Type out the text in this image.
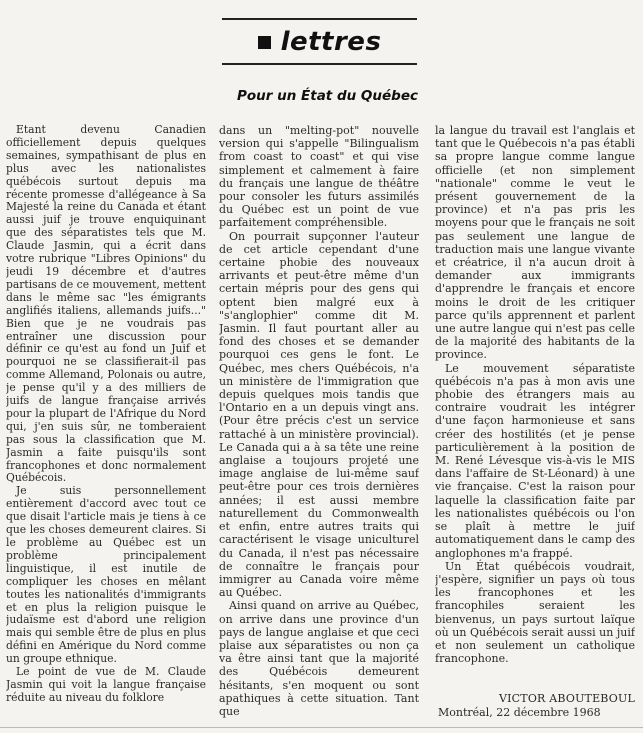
lettres
Pour un État du Québec

Etant devenu Canadien officiellement depuis quelques semaines, sympathisant de plus en plus avec les nationalistes québécois surtout depuis ma récente promesse d'allégeance à Sa Majesté la reine du Canada et étant aussi juif je trouve enquiquinant que des séparatistes tels que M. Claude Jasmin, qui a écrit dans votre rubrique "Libres Opinions" du jeudi 19 décembre et d'autres partisans de ce mouvement, mettent dans le même sac "les émigrants anglifiés italiens, allemands juifs..." Bien que je ne voudrais pas entraîner une discussion pour définir ce qu'est au fond un Juif et pourquoi ne se classifierait-il pas comme Allemand, Polonais ou autre, je pense qu'il y a des milliers de juifs de langue française arrivés pour la plupart de l'Afrique du Nord qui, j'en suis sûr, ne tomberaient pas sous la classification que M. Jasmin a faite puisqu'ils sont francophones et donc normalement Québécois.

Je suis personnellement entièrement d'accord avec tout ce que disait l'article mais je tiens à ce que les choses demeurent claires. Si le problème au Québec est un problème principalement linguistique, il est inutile de compliquer les choses en mêlant toutes les nationalités d'immigrants et en plus la religion puisque le judaïsme est d'abord une religion mais qui semble être de plus en plus défini en Amérique du Nord comme un groupe ethnique.

Le point de vue de M. Claude Jasmin qui voit la langue française réduite au niveau du folklore

dans un "melting-pot" nouvelle version qui s'appelle "Bilingualism from coast to coast" et qui vise simplement et calmement à faire du français une langue de théâtre pour consoler les futurs assimilés du Québec est un point de vue parfaitement compréhensible.

On pourrait supçonner l'auteur de cet article cependant d'une certaine phobie des nouveaux arrivants et peut-être même d'un certain mépris pour des gens qui optent bien malgré eux à "s'anglophier" comme dit M. Jasmin. Il faut pourtant aller au fond des choses et se demander pourquoi ces gens le font. Le Québec, mes chers Québécois, n'a un ministère de l'immigration que depuis quelques mois tandis que l'Ontario en a un depuis vingt ans. (Pour être précis c'est un service rattaché à un ministère provincial). Le Canada qui a à sa tête une reine anglaise a toujours projeté une image anglaise de lui-même sauf peut-être pour ces trois dernières années; il est aussi membre naturellement du Commonwealth et enfin, entre autres traits qui caractérisent le visage uniculturel du Canada, il n'est pas nécessaire de connaître le français pour immigrer au Canada voire même au Québec.

Ainsi quand on arrive au Québec, on arrive dans une province d'un pays de langue anglaise et que ceci plaise aux séparatistes ou non ça va être ainsi tant que la majorité des Québécois demeurent hésitants, s'en moquent ou sont apathiques à cette situation. Tant que

la langue du travail est l'anglais et tant que le Québecois n'a pas établi sa propre langue comme langue officielle (et non simplement "nationale" comme le veut le présent gouvernement de la province) et n'a pas pris les moyens pour que le français ne soit pas seulement une langue de traduction mais une langue vivante et créatrice, il n'a aucun droit à demander aux immigrants d'apprendre le français et encore moins le droit de les critiquer parce qu'ils apprennent et parlent une autre langue qui n'est pas celle de la majorité des habitants de la province.

Le mouvement séparatiste québécois n'a pas à mon avis une phobie des étrangers mais au contraire voudrait les intégrer d'une façon harmonieuse et sans créer des hostilités (et je pense particulièrement à la position de M. René Lévesque vis-à-vis le MIS dans l'affaire de St-Léonard) à une vie française. C'est la raison pour laquelle la classification faite par les nationalistes québécois ou l'on se plaît à mettre le juif automatiquement dans le camp des anglophones m'a frappé.

Un État québécois voudrait, j'espère, signifier un pays où tous les francophones et les francophiles seraient les bienvenus, un pays surtout laïque où un Québécois serait aussi un juif et non seulement un catholique francophone.

VICTOR ABOUTEBOUL
Montréal, 22 décembre 1968
